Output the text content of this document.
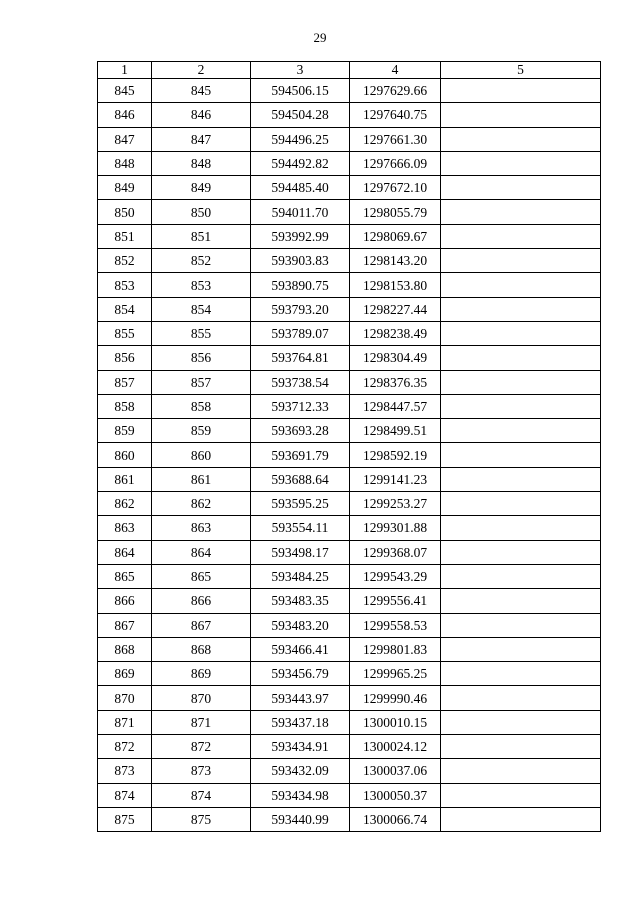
29
1	2	3	4	5
845	845	594506.15	1297629.66	
846	846	594504.28	1297640.75	
847	847	594496.25	1297661.30	
848	848	594492.82	1297666.09	
849	849	594485.40	1297672.10	
850	850	594011.70	1298055.79	
851	851	593992.99	1298069.67	
852	852	593903.83	1298143.20	
853	853	593890.75	1298153.80	
854	854	593793.20	1298227.44	
855	855	593789.07	1298238.49	
856	856	593764.81	1298304.49	
857	857	593738.54	1298376.35	
858	858	593712.33	1298447.57	
859	859	593693.28	1298499.51	
860	860	593691.79	1298592.19	
861	861	593688.64	1299141.23	
862	862	593595.25	1299253.27	
863	863	593554.11	1299301.88	
864	864	593498.17	1299368.07	
865	865	593484.25	1299543.29	
866	866	593483.35	1299556.41	
867	867	593483.20	1299558.53	
868	868	593466.41	1299801.83	
869	869	593456.79	1299965.25	
870	870	593443.97	1299990.46	
871	871	593437.18	1300010.15	
872	872	593434.91	1300024.12	
873	873	593432.09	1300037.06	
874	874	593434.98	1300050.37	
875	875	593440.99	1300066.74	
